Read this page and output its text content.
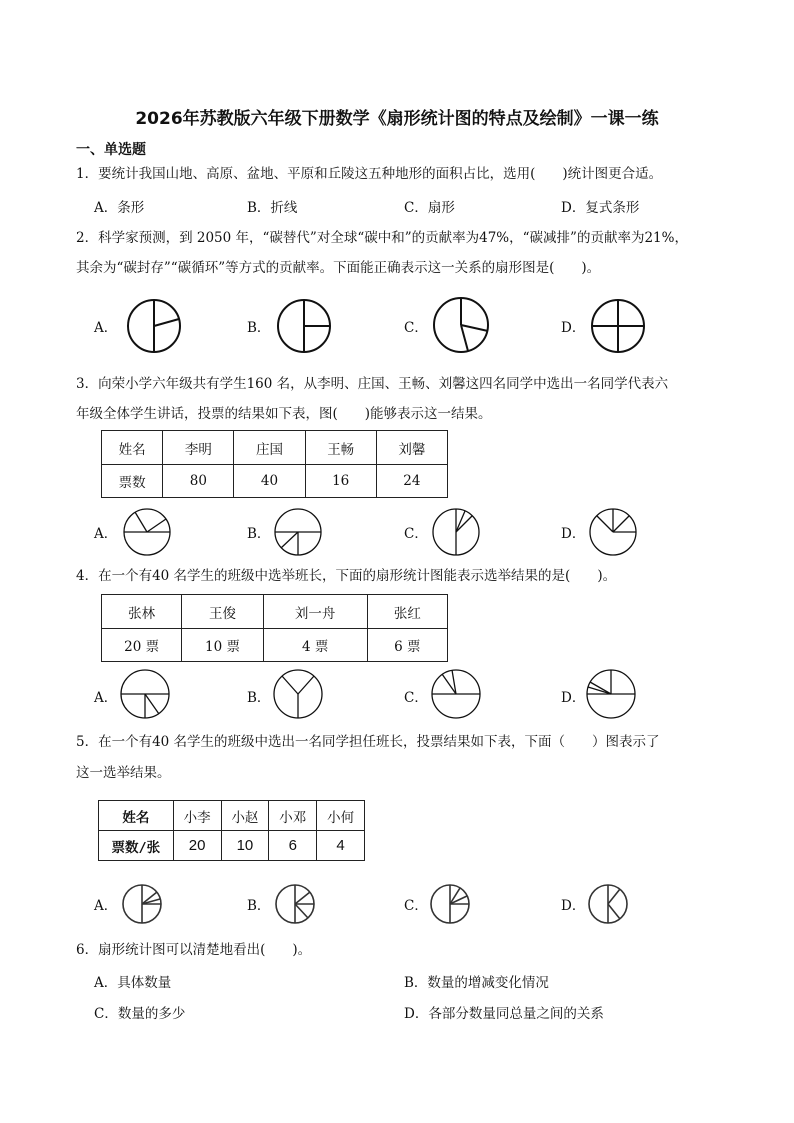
2026年苏教版六年级下册数学《扇形统计图的特点及绘制》一课一练
一、单选题
1．要统计我国山地、高原、盆地、平原和丘陵这五种地形的面积占比，选用(　　)统计图更合适。
A．条形	B．折线	C．扇形	D．复式条形
2．科学家预测，到 2050 年，“碳替代”对全球“碳中和”的贡献率为47%，“碳减排”的贡献率为21%，
其余为“碳封存”“碳循环”等方式的贡献率。下面能正确表示这一关系的扇形图是(　　)。
A．	B．	C．	D．
3．向荣小学六年级共有学生160 名，从李明、庄国、王畅、刘馨这四名同学中选出一名同学代表六
年级全体学生讲话，投票的结果如下表，图(　　)能够表示这一结果。
姓名	李明	庄国	王畅	刘馨
票数	80	40	16	24
A．	B．	C．	D．
4．在一个有40 名学生的班级中选举班长，下面的扇形统计图能表示选举结果的是(　　)。
张林	王俊	刘一舟	张红
20 票	10 票	4 票	6 票
A．	B．	C．	D．
5．在一个有40 名学生的班级中选出一名同学担任班长，投票结果如下表，下面（　　）图表示了
这一选举结果。
姓名	小李	小赵	小邓	小何
票数/张	20	10	6	4
A．	B．	C．	D．
6．扇形统计图可以清楚地看出(　　)。
A．具体数量	B．数量的增减变化情况
C．数量的多少	D．各部分数量同总量之间的关系
